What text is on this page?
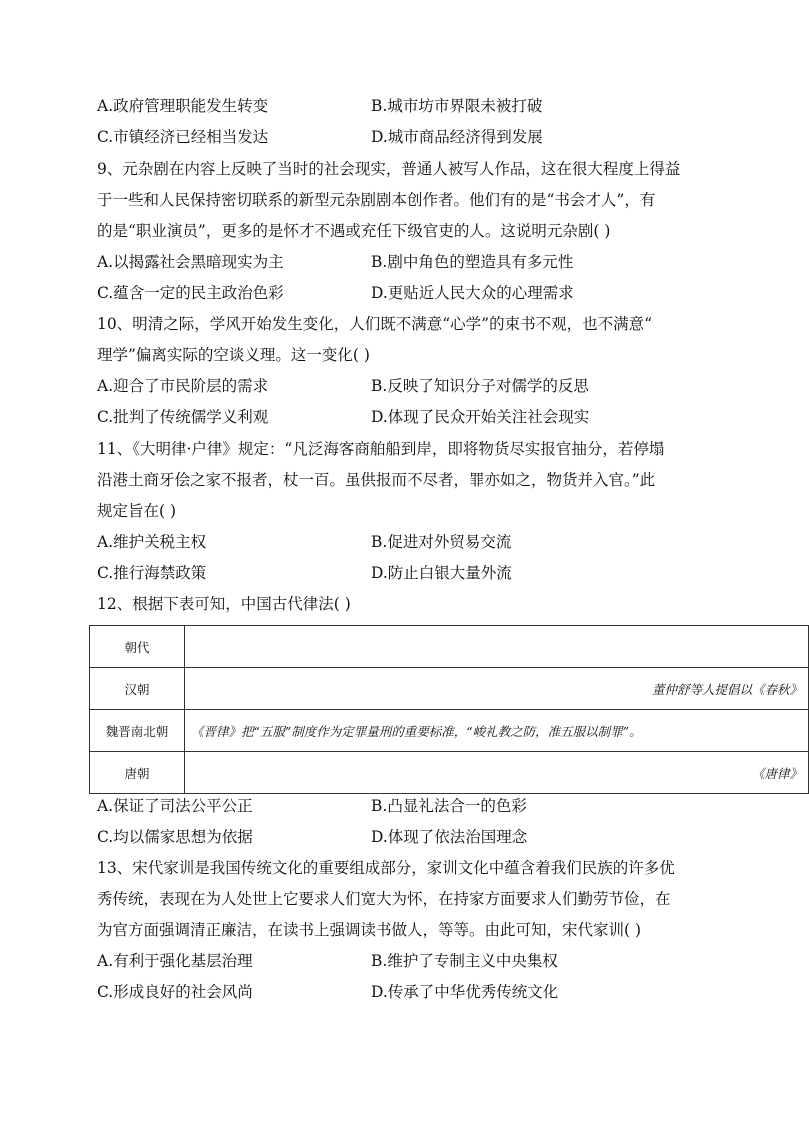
A.政府管理职能发生转变	B.城市坊市界限未被打破
C.市镇经济已经相当发达	D.城市商品经济得到发展
9、元杂剧在内容上反映了当时的社会现实，普通人被写人作品，这在很大程度上得益
于一些和人民保持密切联系的新型元杂剧剧本创作者。他们有的是“书会才人”，有
的是“职业演员”，更多的是怀才不遇或充任下级官吏的人。这说明元杂剧( )
A.以揭露社会黑暗现实为主	B.剧中角色的塑造具有多元性
C.蕴含一定的民主政治色彩	D.更贴近人民大众的心理需求
10、明清之际，学风开始发生变化，人们既不满意“心学”的束书不观，也不满意“
理学”偏离实际的空谈义理。这一变化( )
A.迎合了市民阶层的需求	B.反映了知识分子对儒学的反思
C.批判了传统儒学义利观	D.体现了民众开始关注社会现实
11、《大明律·户律》规定：“凡泛海客商舶船到岸，即将物货尽实报官抽分，若停塌
沿港土商牙侩之家不报者，杖一百。虽供报而不尽者，罪亦如之，物货并入官。”此
规定旨在( )
A.维护关税主权	B.促进对外贸易交流
C.推行海禁政策	D.防止白银大量外流
12、根据下表可知，中国古代律法( )
朝代	
汉朝	董仲舒等人提倡以《春秋》
魏晋南北朝	《晋律》把“五服”制度作为定罪量刑的重要标准，“峻礼教之防，准五服以制罪”。
唐朝	《唐律》
A.保证了司法公平公正	B.凸显礼法合一的色彩
C.均以儒家思想为依据	D.体现了依法治国理念
13、宋代家训是我国传统文化的重要组成部分，家训文化中蕴含着我们民族的许多优
秀传统，表现在为人处世上它要求人们宽大为怀，在持家方面要求人们勤劳节俭，在
为官方面强调清正廉洁，在读书上强调读书做人，等等。由此可知，宋代家训( )
A.有利于强化基层治理	B.维护了专制主义中央集权
C.形成良好的社会风尚	D.传承了中华优秀传统文化
